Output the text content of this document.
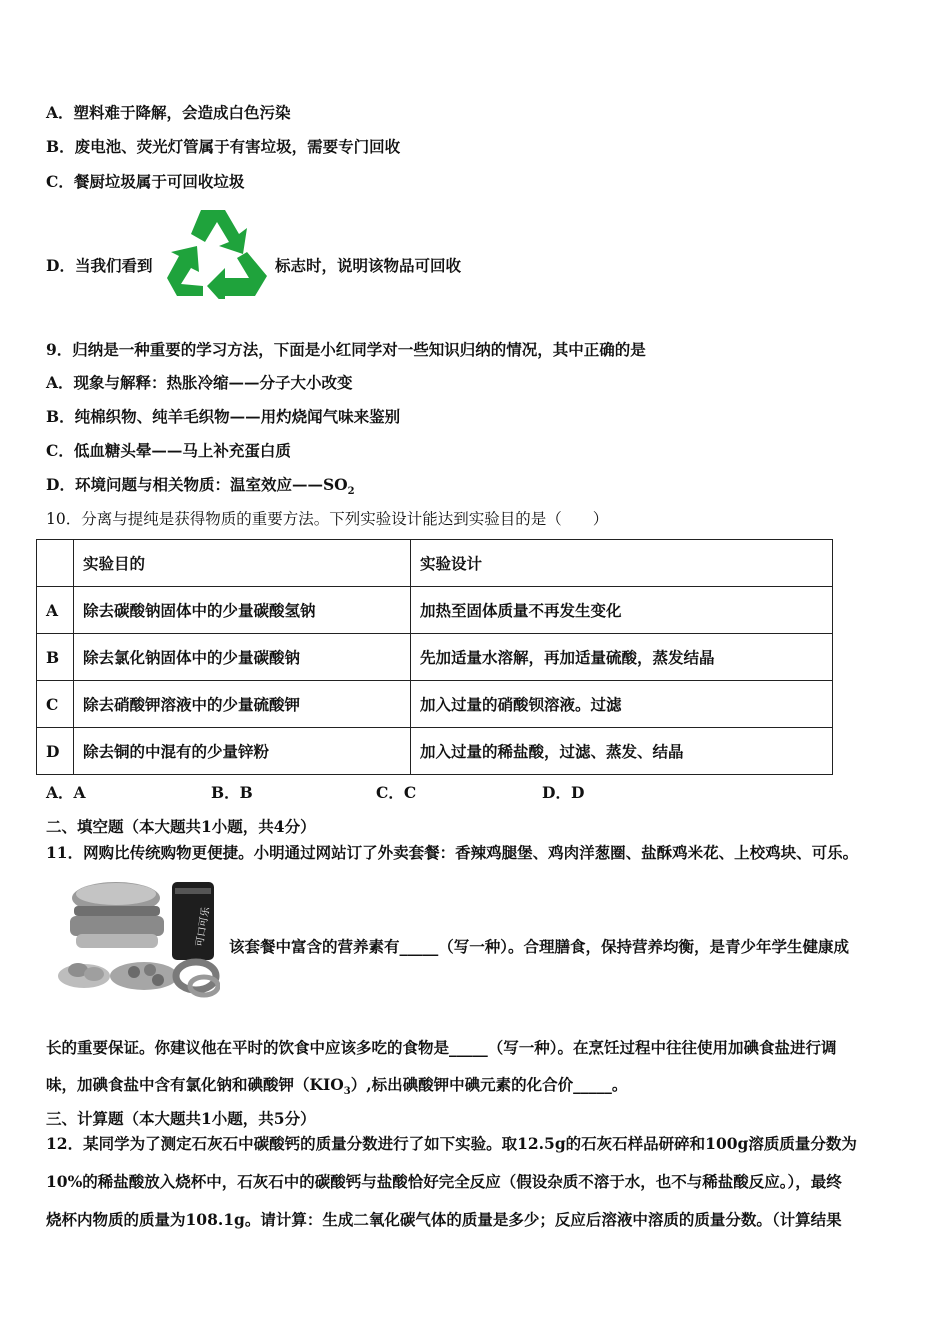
A．塑料难于降解，会造成白色污染
B．废电池、荧光灯管属于有害垃圾，需要专门回收
C．餐厨垃圾属于可回收垃圾
D．当我们看到	标志时，说明该物品可回收
9．归纳是一种重要的学习方法，下面是小红同学对一些知识归纳的情况，其中正确的是
A．现象与解释：热胀冷缩——分子大小改变
B．纯棉织物、纯羊毛织物——用灼烧闻气味来鉴别
C．低血糖头晕——马上补充蛋白质
D．环境问题与相关物质：温室效应$——SO_2$
10．分离与提纯是获得物质的重要方法。下列实验设计能达到实验目的是（　　）
	实验目的	实验设计
A	除去碳酸钠固体中的少量碳酸氢钠	加热至固体质量不再发生变化
B	除去氯化钠固体中的少量碳酸钠	先加适量水溶解，再加适量硫酸，蒸发结晶
C	除去硝酸钾溶液中的少量硫酸钾	加入过量的硝酸钡溶液。过滤
D	除去铜的中混有的少量锌粉	加入过量的稀盐酸，过滤、蒸发、结晶
A．A	B．B	C．C	D．D
二、填空题（本大题共1小题，共4分）
11．网购比传统购物更便捷。小明通过网站订了外卖套餐：香辣鸡腿堡、鸡肉洋葱圈、盐酥鸡米花、上校鸡块、可乐。
可口可乐 该套餐中富含的营养素有_____（写一种）。合理膳食，保持营养均衡，是青少年学生健康成
长的重要保证。你建议他在平时的饮食中应该多吃的食物是_____（写一种）。在烹饪过程中往往使用加碘食盐进行调
味，加碘食盐中含有氯化钠和碘酸钾$(KIO_3)$,标出碘酸钾中碘元素的化合价_____。
三、计算题（本大题共1小题，共5分）
12．某同学为了测定石灰石中碳酸钙的质量分数进行了如下实验。取12.5g的石灰石样品研碎和100g溶质质量分数为
10%的稀盐酸放入烧杯中，石灰石中的碳酸钙与盐酸恰好完全反应（假设杂质不溶于水，也不与稀盐酸反应。），最终
烧杯内物质的质量为108.1g。请计算：生成二氧化碳气体的质量是多少；反应后溶液中溶质的质量分数。（计算结果
